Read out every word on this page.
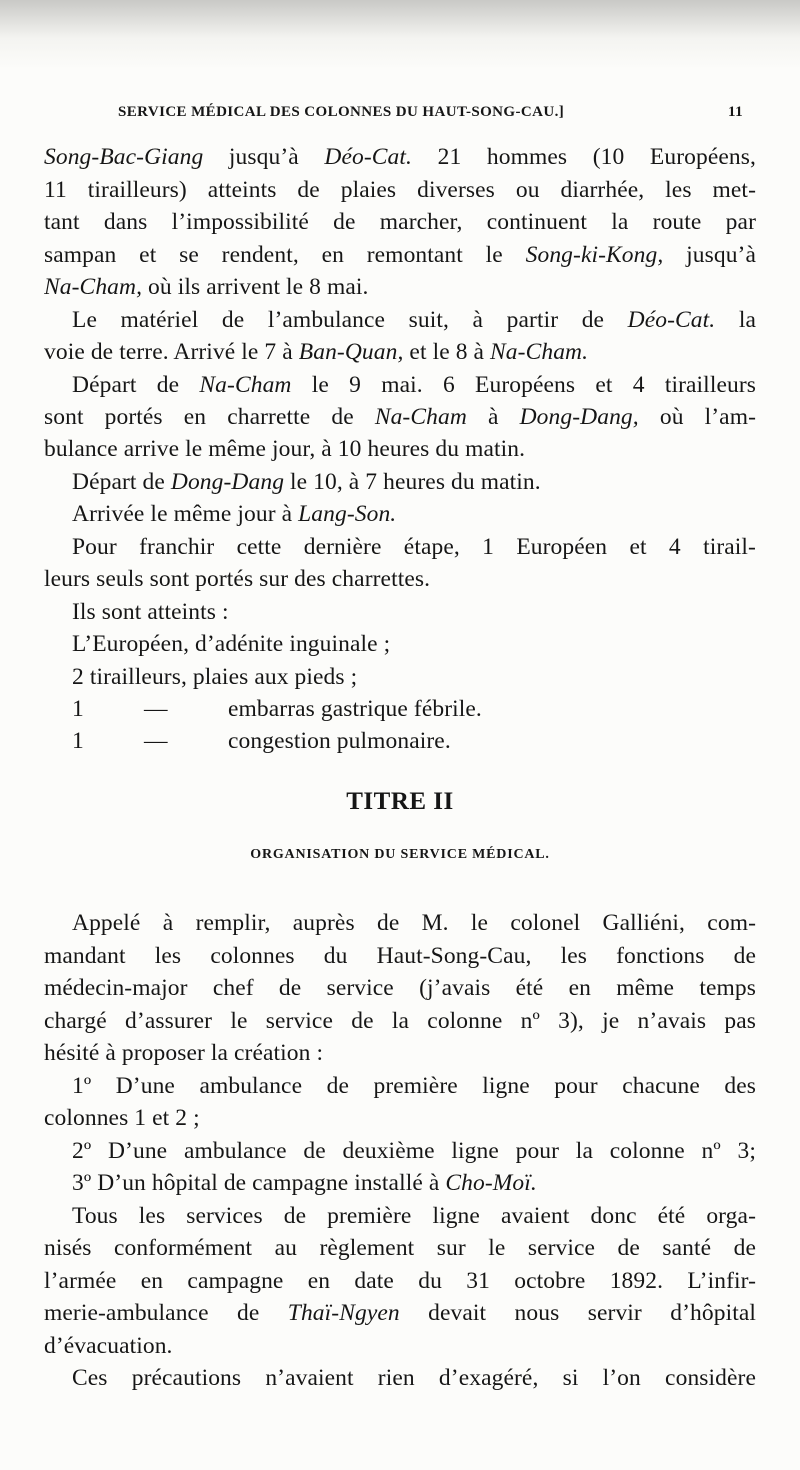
SERVICE MÉDICAL DES COLONNES DU HAUT-SONG-CAU.]	11
Song-Bac-Giang jusqu’à Déo-Cat. 21 hommes (10 Européens,
11 tirailleurs) atteints de plaies diverses ou diarrhée, les met-
tant dans l’impossibilité de marcher, continuent la route par
sampan et se rendent, en remontant le Song-ki-Kong, jusqu’à
Na-Cham, où ils arrivent le 8 mai.
Le matériel de l’ambulance suit, à partir de Déo-Cat. la
voie de terre. Arrivé le 7 à Ban-Quan, et le 8 à Na-Cham.
Départ de Na-Cham le 9 mai. 6 Européens et 4 tirailleurs
sont portés en charrette de Na-Cham à Dong-Dang, où l’am-
bulance arrive le même jour, à 10 heures du matin.
Départ de Dong-Dang le 10, à 7 heures du matin.
Arrivée le même jour à Lang-Son.
Pour franchir cette dernière étape, 1 Européen et 4 tirail-
leurs seuls sont portés sur des charrettes.
Ils sont atteints :
L’Européen, d’adénite inguinale ;
2 tirailleurs, plaies aux pieds ;
1	—	embarras gastrique fébrile.
1	—	congestion pulmonaire.
TITRE II
ORGANISATION DU SERVICE MÉDICAL.
Appelé à remplir, auprès de M. le colonel Galliéni, com-
mandant les colonnes du Haut-Song-Cau, les fonctions de
médecin-major chef de service (j’avais été en même temps
chargé d’assurer le service de la colonne nº 3), je n’avais pas
hésité à proposer la création :
1º D’une ambulance de première ligne pour chacune des
colonnes 1 et 2 ;
2º D’une ambulance de deuxième ligne pour la colonne nº 3;
3º D’un hôpital de campagne installé à Cho-Moï.
Tous les services de première ligne avaient donc été orga-
nisés conformément au règlement sur le service de santé de
l’armée en campagne en date du 31 octobre 1892. L’infir-
merie-ambulance de Thaï-Ngyen devait nous servir d’hôpital
d’évacuation.
Ces précautions n’avaient rien d’exagéré, si l’on considère
